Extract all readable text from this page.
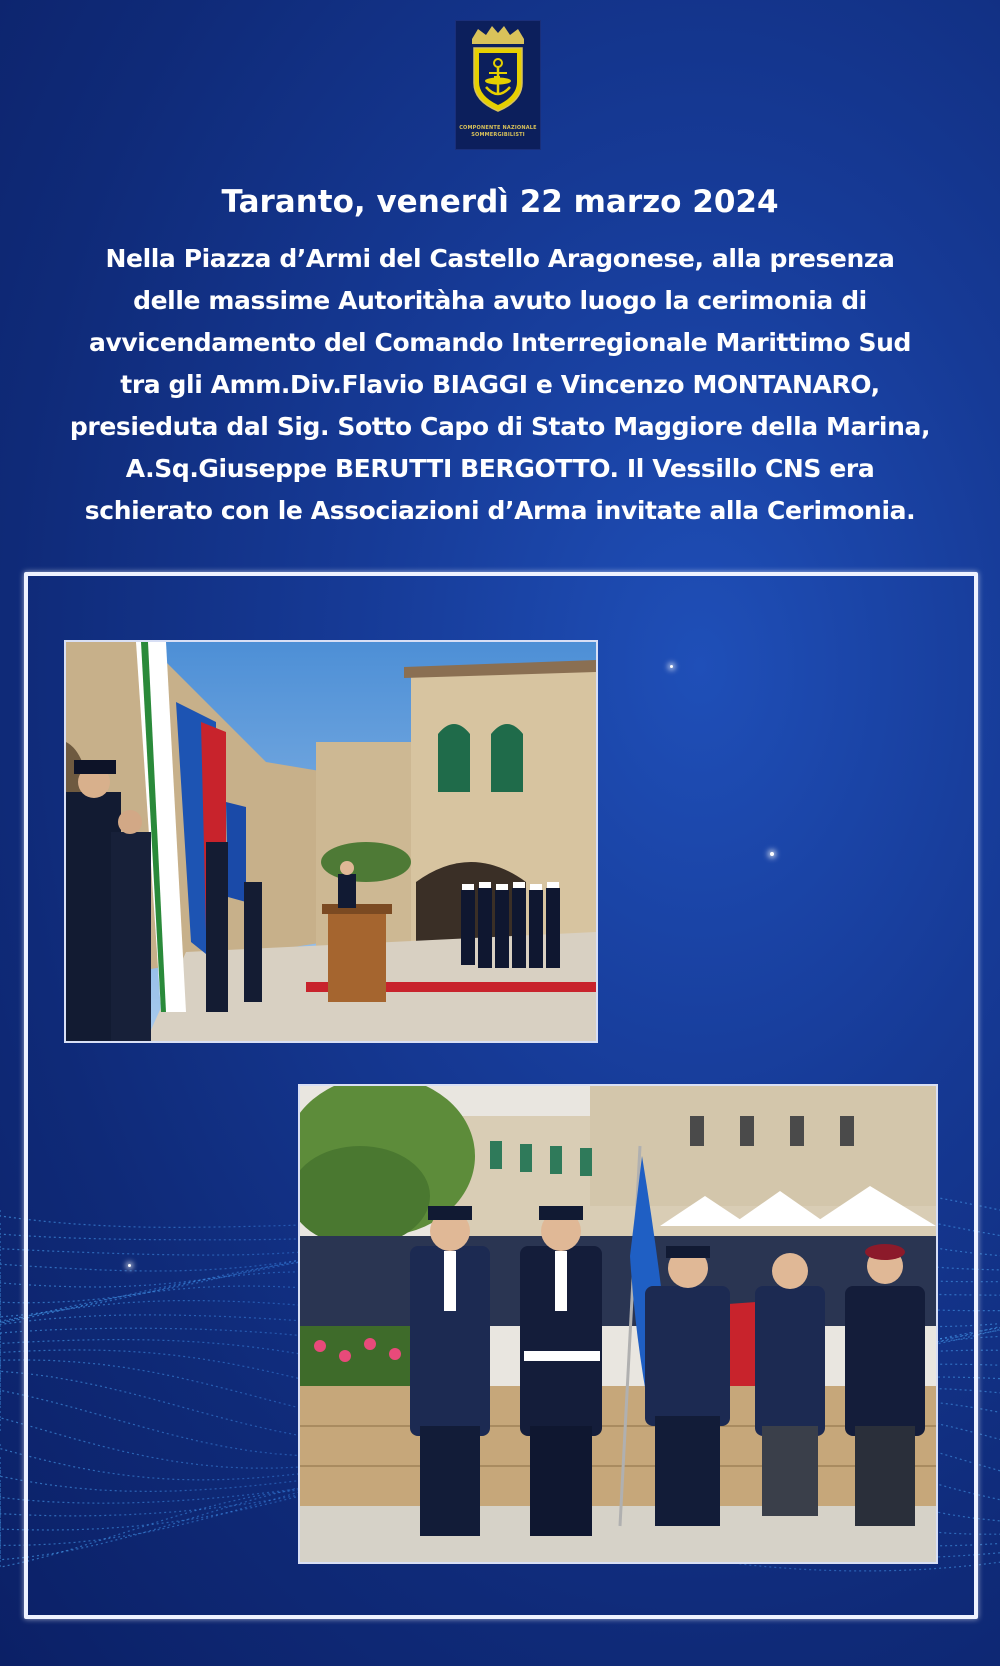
COMPONENTE NAZIONALE
SOMMERGIBILISTI
Taranto, venerdì 22 marzo 2024

Nella Piazza d’Armi del Castello Aragonese, alla presenza
delle massime Autoritàha avuto luogo la cerimonia di
avvicendamento del Comando Interregionale Marittimo Sud
tra gli Amm.Div.Flavio BIAGGI e Vincenzo MONTANARO,
presieduta dal Sig. Sotto Capo di Stato Maggiore della Marina,
A.Sq.Giuseppe BERUTTI BERGOTTO. Il Vessillo CNS era
schierato con le Associazioni d’Arma invitate alla Cerimonia.
